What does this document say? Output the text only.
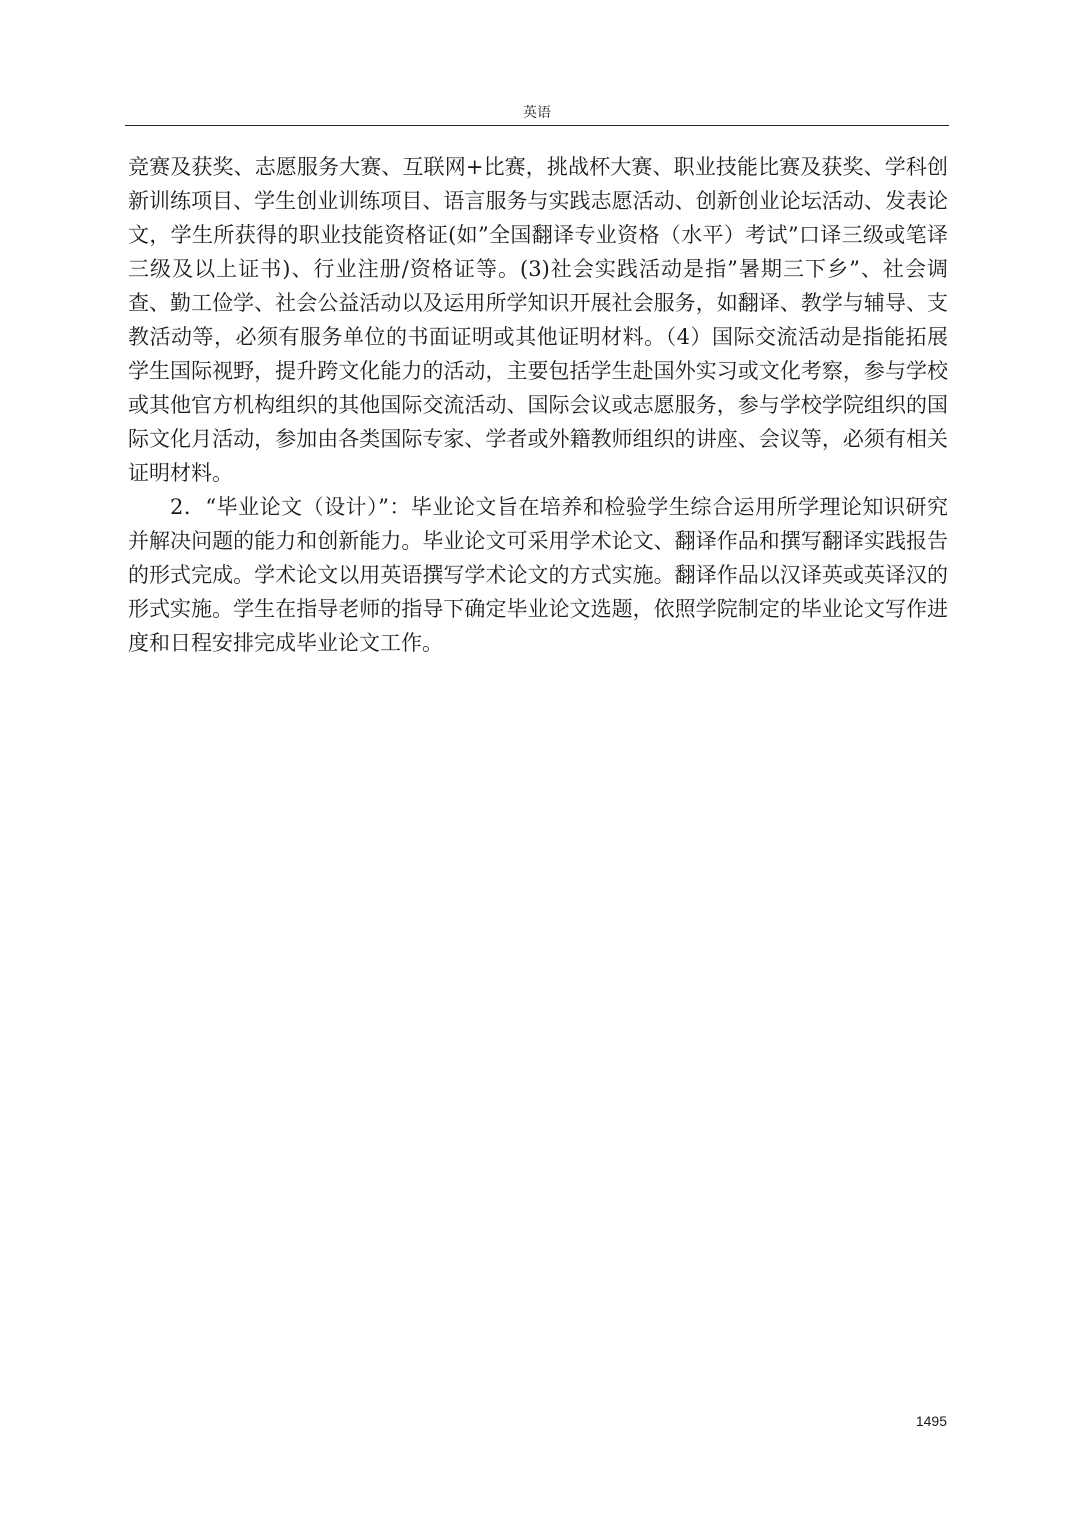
英语

竞赛及获奖、志愿服务大赛、互联网+比赛，挑战杯大赛、职业技能比赛及获奖、学科创新训练项目、学生创业训练项目、语言服务与实践志愿活动、创新创业论坛活动、发表论文，学生所获得的职业技能资格证(如”全国翻译专业资格（水平）考试”口译三级或笔译三级及以上证书)、行业注册/资格证等。(3)社会实践活动是指”暑期三下乡”、社会调查、勤工俭学、社会公益活动以及运用所学知识开展社会服务，如翻译、教学与辅导、支教活动等，必须有服务单位的书面证明或其他证明材料。（4）国际交流活动是指能拓展学生国际视野，提升跨文化能力的活动，主要包括学生赴国外实习或文化考察，参与学校或其他官方机构组织的其他国际交流活动、国际会议或志愿服务，参与学校学院组织的国际文化月活动，参加由各类国际专家、学者或外籍教师组织的讲座、会议等，必须有相关证明材料。

2．“毕业论文（设计）”：毕业论文旨在培养和检验学生综合运用所学理论知识研究并解决问题的能力和创新能力。毕业论文可采用学术论文、翻译作品和撰写翻译实践报告的形式完成。学术论文以用英语撰写学术论文的方式实施。翻译作品以汉译英或英译汉的形式实施。学生在指导老师的指导下确定毕业论文选题，依照学院制定的毕业论文写作进度和日程安排完成毕业论文工作。

1495
